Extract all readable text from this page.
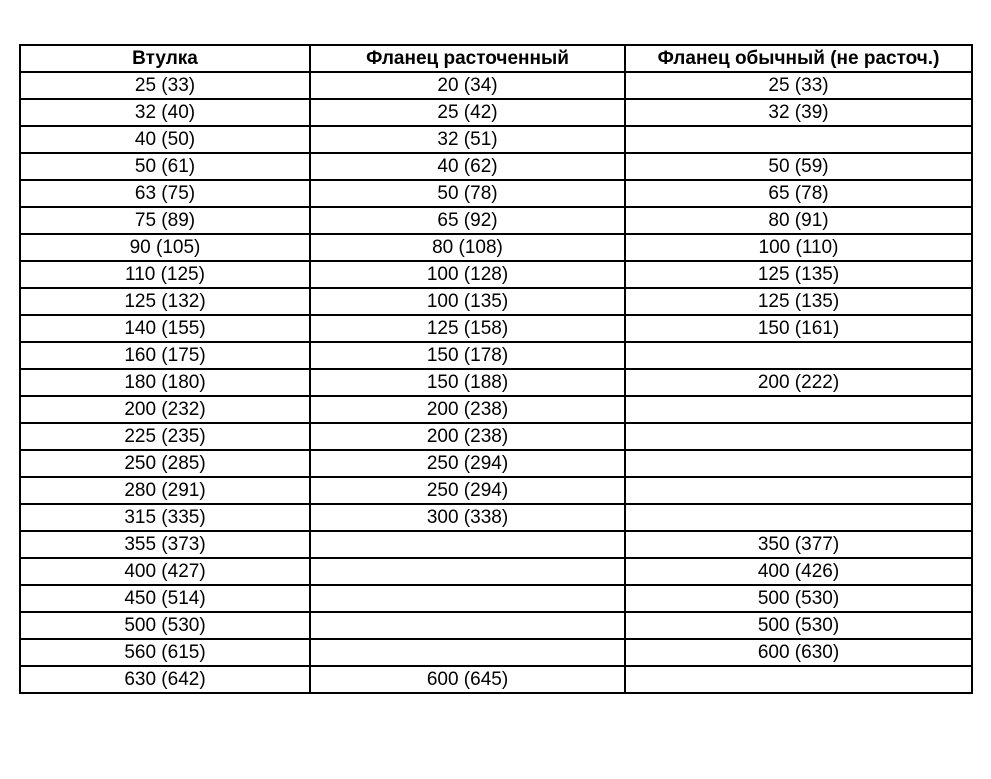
Втулка	Фланец расточенный	Фланец обычный (не расточ.)
25 (33)	20 (34)	25 (33)
32 (40)	25 (42)	32 (39)
40 (50)	32 (51)	
50 (61)	40 (62)	50 (59)
63 (75)	50 (78)	65 (78)
75 (89)	65 (92)	80 (91)
90 (105)	80 (108)	100 (110)
110 (125)	100 (128)	125 (135)
125 (132)	100 (135)	125 (135)
140 (155)	125 (158)	150 (161)
160 (175)	150 (178)	
180 (180)	150 (188)	200 (222)
200 (232)	200 (238)	
225 (235)	200 (238)	
250 (285)	250 (294)	
280 (291)	250 (294)	
315 (335)	300 (338)	
355 (373)		350 (377)
400 (427)		400 (426)
450 (514)		500 (530)
500 (530)		500 (530)
560 (615)		600 (630)
630 (642)	600 (645)	
